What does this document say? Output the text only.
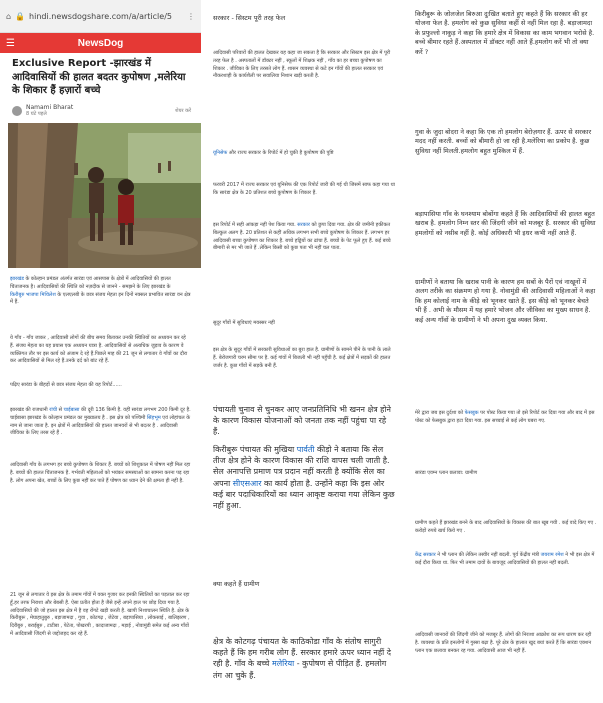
⌂ 🔒 hindi.newsdogshare.com/a/article/5	⋮
☰	NewsDog
Exclusive Report -झारखंड में आदिवासियों की हालत बदतर कुपोषण ,मलेरिया के शिकार हैं हज़ारों बच्चे
Namami Bharat
8 घंटे पहले
शेयर करें
झारखंड के कोल्हान प्रमंडल अंतर्गत सारंडा एवं आसपास के क्षेत्रों में आदिवासियों की हालत चिंताजनक है। आदिवासियों की स्थिति को नज़दीक से जानने - समझने के लिए झारखंड के
किरीबुरु भाजपा मिथिलेश के एलएलबी के छात्र संजय मेहता इन दिनों नक्सल प्रभावित सारंडा वन क्षेत्र में हैं.
ये गाँव - गाँव जाकर , आदिवासी लोगों की बीच समय बिताकर उनकी स्थितियों का अध्ययन कर रहे हैं. संजय मेहता का यह प्रयास एक अध्ययन यात्रा है. आदिवासियों से अत्यधिक जुड़ाव के कारण वे व्यक्तिगत तौर पर इस कार्य को अंजाम दे रहे हैं.पिछले माह की 21 जून से लगातार वे गाँवों का दौरा कर आदिवासियों से मिल रहे हैं.उनके दर्द को बांट रहे हैं.
पढ़िए सारंडा के बीहड़ों से छात्र संजय मेहता की यह रिपोर्ट......
झारखंड की राजधानी रांची से चाईबासा की दूरी 136 किमी है. वहीं सारंडा लगभग 200 किमी दूर है. चाईबासा झारखंड के कोल्हान प्रमंडल का मुख्यालय है . इस क्षेत्र को पश्चिमी सिंहभूम एवं लोहांचल के नाम से जाना जाता है. इन क्षेत्रों में आदिवासियों की हालत जानवरों से भी बदतर है . आदिवासी जीविका के लिए तरस रहे हैं .
आदिवासी गाँव के लगभग हर बच्चे कुपोषण के शिकार हैं. बच्चों को शिशुकाल में पोषण नहीं मिल रहा है. बच्चों की हालत चिंताजनक है. गर्भवती महिलाओं को भयंकर समस्याओं का सामना करना पड़ रहा है. लोग अपना खेत, बच्चों के लिए कुछ नहीं कर पाते हैं पोषण का ध्यान देने की क्षमता ही नहीं है.
21 जून से लगातार वे इस क्षेत्र के तमाम गाँवों में वक्त गुजार कर इनकी स्थितियों का पड़ताल कर रहा हूँ.हर तरफ निराशा और बेबसी है. ऐसा प्रतीत होता है जैसे इन्हें अपने हाल पर छोड़ दिया गया है. आदिवासियों की जो हालत इस क्षेत्र में है वह रोंगटे खड़ी करती है. खापी निशाचालन स्थिति है. क्षेत्र के किरीबुरू , मेघाहातुबुरु , बड़ाजामदा , गुवा , कोटगढ़ , जेटेया , बड़ापासिया , लोकसाई , बालिझरण , दिरीबुरु , बराईबुरु , टाटीबा , पेटेता, पोखरपी , कादाजामदा , मड़ाई , नोवामुंडी समेत कई अन्य गाँवों में आदिवासी जिंदगी से जद्दोजहद कर रहे हैं.
सरकार - सिस्टम पूरी तरह फेल
आदिवासी परिवारों की हालत देखकर यह कहा जा सकता है कि सरकार और सिस्टम इस क्षेत्र में पूरी तरह फेल है . अस्पतालों में डॉक्टर नहीं , स्कूलों में शिक्षक नहीं , गाँव का हर बच्चा कुपोषण का शिकार . जीविका के लिए तरसते लोग हैं. शासन व्यवस्था से कटे इन गाँवों की हालत सरकार एवं नौकरशाही के कार्यशैली पर सवालिया निशान खड़ी करती है.
यूनिसेफ और राज्य सरकार के रिपोर्ट में हो चुकी है कुपोषण की पुष्टि
फरवरी 2017 में राज्य सरकार एवं यूनिसेफ की एक रिपोर्ट जारी की गई थी जिसमें साफ कहा गया था कि सारंडा क्षेत्र के 20 प्रतिशत बच्चे कुपोषण के शिकार हैं.
इस रिपोर्ट में सही आंकड़ा नहीं पेश किया गया. सरकार को छुपा दिया गया. क्षेत्र की जमीनी हकीकत बिल्कुल अलग है. 20 प्रतिशत से कहीं अधिक लगभग सभी बच्चे कुपोषण के शिकार हैं. लगभग हर आदिवासी बच्चा कुपोषण का शिकार है. बच्चे हड्डियों का ढांचा हैं. बच्चों के पेट फूले हुए हैं. कई बच्चे बीमारी से मर भी जाते हैं .लेकिन किसी को कुछ पता भी नहीं चल पाता.
सुदूर गाँवों में सुविधाएं मयस्सर नहीं
इस क्षेत्र के सुदूर गाँवों में सरकारी सुविधाओं का बुरा हाल है. ग्रामीणों के सामने पीने के पानी के लाले हैं. बेरोजगारी चरम सीमा पर है. कई गांवों में बिजली भी नहीं पहुँची है. कई क्षेत्रों में सड़कों की हालत जर्जर है. कुछ गाँवों में सड़कें बनी हैं.
पंचायती चुनाव से चुनकर आए जनप्रतिनिधि भी खनन क्षेत्र होने के कारण विकास योजनाओं को जनता तक नहीं पहुंचा पा रहे हैं.
किरीबुरू पंचायत की मुखिया पार्वती कीड़ो ने बताया कि सेल तीज क्षेत्र होने के कारण विकास की राशि वापस चली जाती है. सेल अनापत्ति प्रमाण पत्र प्रदान नहीं करती है क्योंकि सेल का अपना सीएसआर का कार्य होता है. उन्होंने कहा कि इस ओर कई बार पदाधिकारियों का ध्यान आकृष्ट कराया गया लेकिन कुछ नहीं हुआ.
क्या कहते हैं ग्रामीण
क्षेत्र के कोटगढ़ पंचायत के काठिकोडा गाँव के संतोष सागुरी कहते हैं कि हम गरीब लोग हैं. सरकार हमारे ऊपर ध्यान नहीं दे रही है. गाँव के बच्चे मलेरिया - कुपोषण से पीड़ित हैं. हमलोग तंग आ चुके हैं.
किरीबुरू के जोलजेल बिरुआ दुःखित बताते हुए कहते हैं कि सरकार की हर योजना फेल है. हमलोग को कुछ सुविधा कहीं से नहीं मिल रहा है. बड़ाजामदा के प्रफुल्लो नाकुड़ ने कहा कि हमारे क्षेत्र में विकास का काम भगवान भरोसे है. बच्चे बीमार रहते हैं.अस्पताल में डॉक्टर नहीं आते हैं.हमलोग करें भी तो क्या करें ?
गुवा के जुदा बोदरा ने कहा कि एक तो हमलोग बेरोज़गार हैं. ऊपर से सरकार मदद नहीं करती. बच्चों को बीमारी हो जा रही है.मलेरिया का प्रकोप है. कुछ सुविधा नहीं मिलती.हमलोग बहुत मुश्किल में हैं.
बड़ापासिया गाँव के घनश्याम बोबोंगा कहते हैं कि आदिवासियों की हालत बहुत खराब है. हमलोग निम्न स्तर की जिंदगी जीने को मजबूर हैं. सरकार की सुविधा हमलोगों को नसीब नहीं है. कोई अधिकारी भी इधर कभी नहीं आते हैं.
ग्रामीणों ने बताया कि खराब पानी के कारण हम सबों के पैरों एवं नाखूनों में अलग तरीके का संक्रमण हो गया है. नोवामुंडी की आदिवासी महिलाओं ने कहा कि हम कोलाई नाम के कीड़े को भूनकर खाते हैं. इस कीड़े को भूनकर बेचते भी हैं . अभी के मौसम में यह हमारे भोजन और जीविका का मुख्य साधन है. कई अन्य गाँवों के ग्रामीणों ने भी अपना दुख व्यक्त किया.
मेरे द्वारा जब इस दुर्दशा को फेसबुक पर पोस्ट किया गया तो इसे रिपोर्ट कर दिया गया और बाद में इस पोस्ट को फेसबुक द्वारा हटा दिया गया. इस सच्चाई से कई लोग घबरा गए.
सारंडा एवम्न प्लान छलावा: ग्रामीण
ग्रामीण कहते हैं झारखंड बनने के बाद आदिवासियों के विकास की बात खूब गयी . कई वादे किए गए . करोड़ों रुपये खर्च किये गए .
केंद्र सरकार ने भी प्लान की लेकिन तस्वीर नहीं बदली. पूर्व केंद्रीय मंत्री जयराम रमेश ने भी इस क्षेत्र में कई दौरा किया था. फिर भी तमाम दावों के बावजूद आदिवासियों की हालत नहीं बदली.
आदिवासी जानवरों की जिंदगी जीने को मजबूर हैं. लोगों की निराशा आक्रोश का रूप धारण कर रही है. व्यवस्था के प्रति इनलोगों में गुस्सा बढ़ा है. पूरे क्षेत्र के हालात खुद बयां करते हैं कि सारंडा एक्शन प्लान एक छलावा बनकर रह गया. आदिवासी आज भी नहीं हैं.
